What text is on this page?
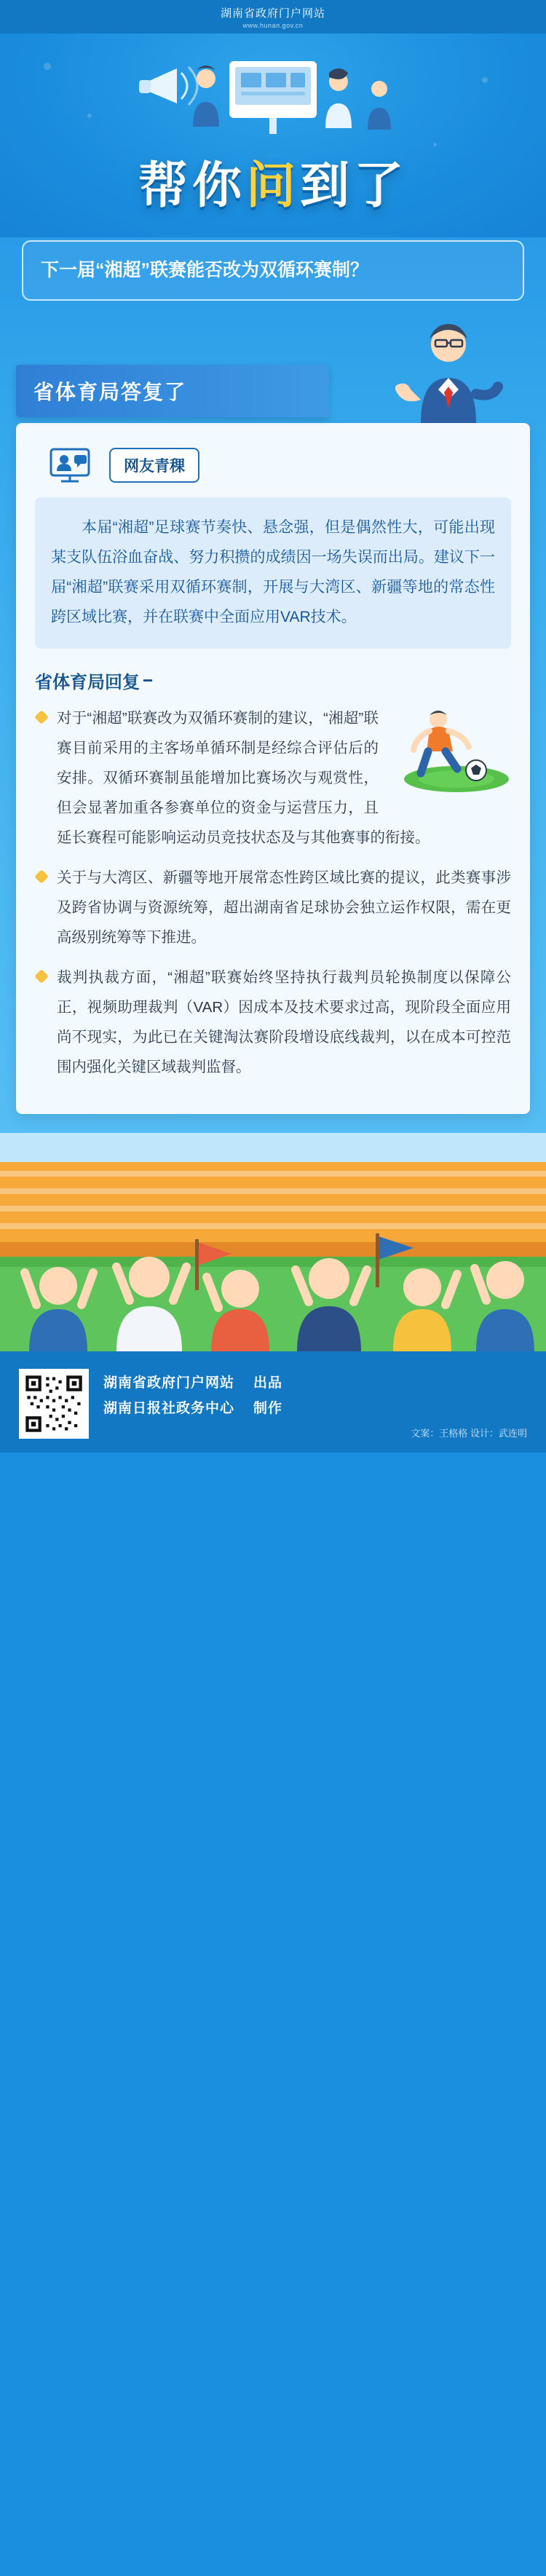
湖南省政府门户网站
www.hunan.gov.cn
帮你问到了
下一届“湘超”联赛能否改为双循环赛制？
省体育局答复了
网友青稞
本届“湘超”足球赛节奏快、悬念强，但是偶然性大，可能出现某支队伍浴血奋战、努力积攒的成绩因一场失误而出局。建议下一届“湘超”联赛采用双循环赛制，开展与大湾区、新疆等地的常态性跨区域比赛，并在联赛中全面应用VAR技术。
省体育局回复 --
对于“湘超”联赛改为双循环赛制的建议，“湘超”联赛目前采用的主客场单循环制是经综合评估后的安排。双循环赛制虽能增加比赛场次与观赏性，但会显著加重各参赛单位的资金与运营压力，且延长赛程可能影响运动员竞技状态及与其他赛事的衔接。
关于与大湾区、新疆等地开展常态性跨区域比赛的提议，此类赛事涉及跨省协调与资源统筹，超出湖南省足球协会独立运作权限，需在更高级别统筹等下推进。
裁判执裁方面，“湘超”联赛始终坚持执行裁判员轮换制度以保障公正，视频助理裁判（VAR）因成本及技术要求过高，现阶段全面应用尚不现实，为此已在关键淘汰赛阶段增设底线裁判，以在成本可控范围内强化关键区域裁判监督。
湖南省政府门户网站 出品
湖南日报社政务中心 制作
文案：王格格 设计：武连明
